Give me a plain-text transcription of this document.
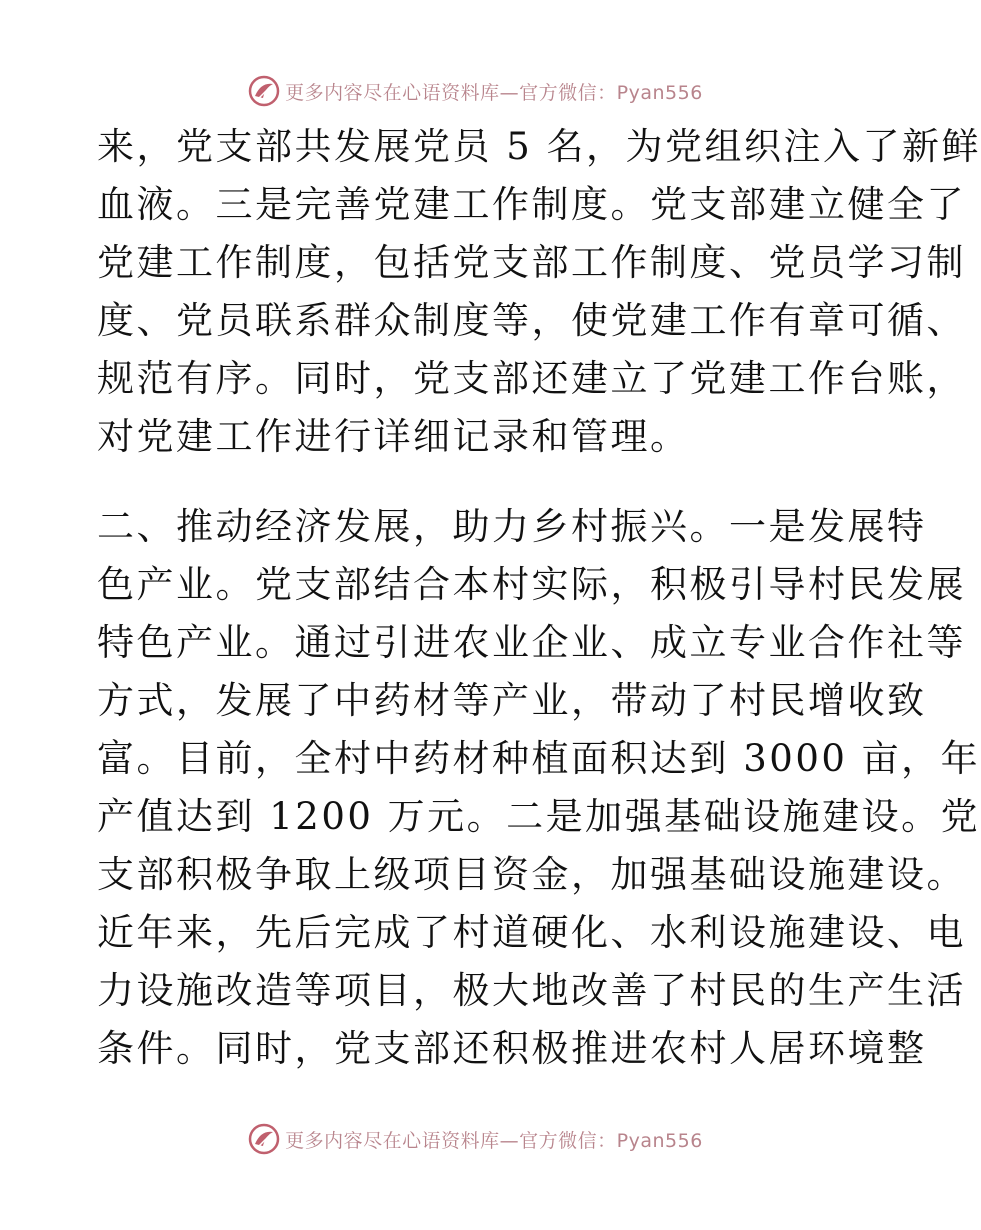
更多内容尽在心语资料库—官方微信：Pyan556
来，党支部共发展党员 5 名，为党组织注入了新鲜
血液。三是完善党建工作制度。党支部建立健全了
党建工作制度，包括党支部工作制度、党员学习制
度、党员联系群众制度等，使党建工作有章可循、
规范有序。同时，党支部还建立了党建工作台账，
对党建工作进行详细记录和管理。
二、推动经济发展，助力乡村振兴。一是发展特
色产业。党支部结合本村实际，积极引导村民发展
特色产业。通过引进农业企业、成立专业合作社等
方式，发展了中药材等产业，带动了村民增收致
富。目前，全村中药材种植面积达到 3000 亩，年
产值达到 1200 万元。二是加强基础设施建设。党
支部积极争取上级项目资金，加强基础设施建设。
近年来，先后完成了村道硬化、水利设施建设、电
力设施改造等项目，极大地改善了村民的生产生活
条件。同时，党支部还积极推进农村人居环境整
更多内容尽在心语资料库—官方微信：Pyan556
